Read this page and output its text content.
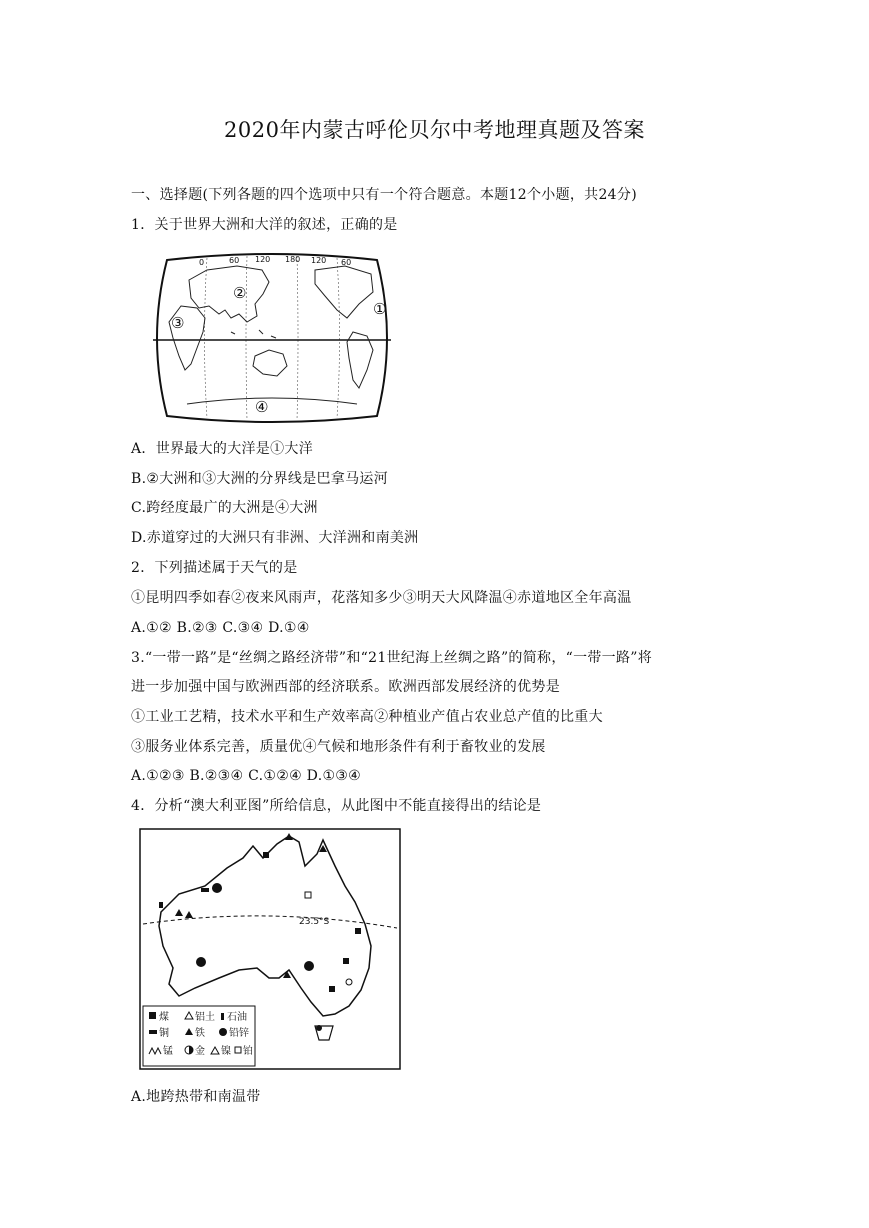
2020年内蒙古呼伦贝尔中考地理真题及答案
一、选择题(下列各题的四个选项中只有一个符合题意。本题12个小题，共24分)
1．关于世界大洲和大洋的叙述，正确的是
0	60 120 180 120 60
①
②
③
④
A．世界最大的大洋是①大洋
B.②大洲和③大洲的分界线是巴拿马运河
C.跨经度最广的大洲是④大洲
D.赤道穿过的大洲只有非洲、大洋洲和南美洲
2．下列描述属于天气的是
①昆明四季如春②夜来风雨声，花落知多少③明天大风降温④赤道地区全年高温
A.①② B.②③ C.③④ D.①④
3.“一带一路”是“丝绸之路经济带”和“21世纪海上丝绸之路”的简称，“一带一路”将
进一步加强中国与欧洲西部的经济联系。欧洲西部发展经济的优势是
①工业工艺精，技术水平和生产效率高②种植业产值占农业总产值的比重大
③服务业体系完善，质量优④气候和地形条件有利于畜牧业的发展
A.①②③ B.②③④ C.①②④ D.①③④
4．分析“澳大利亚图”所给信息，从此图中不能直接得出的结论是
23.5°S
煤	铝土 石油
铜	铁 铅锌
锰 金 镍 铂
A.地跨热带和南温带
